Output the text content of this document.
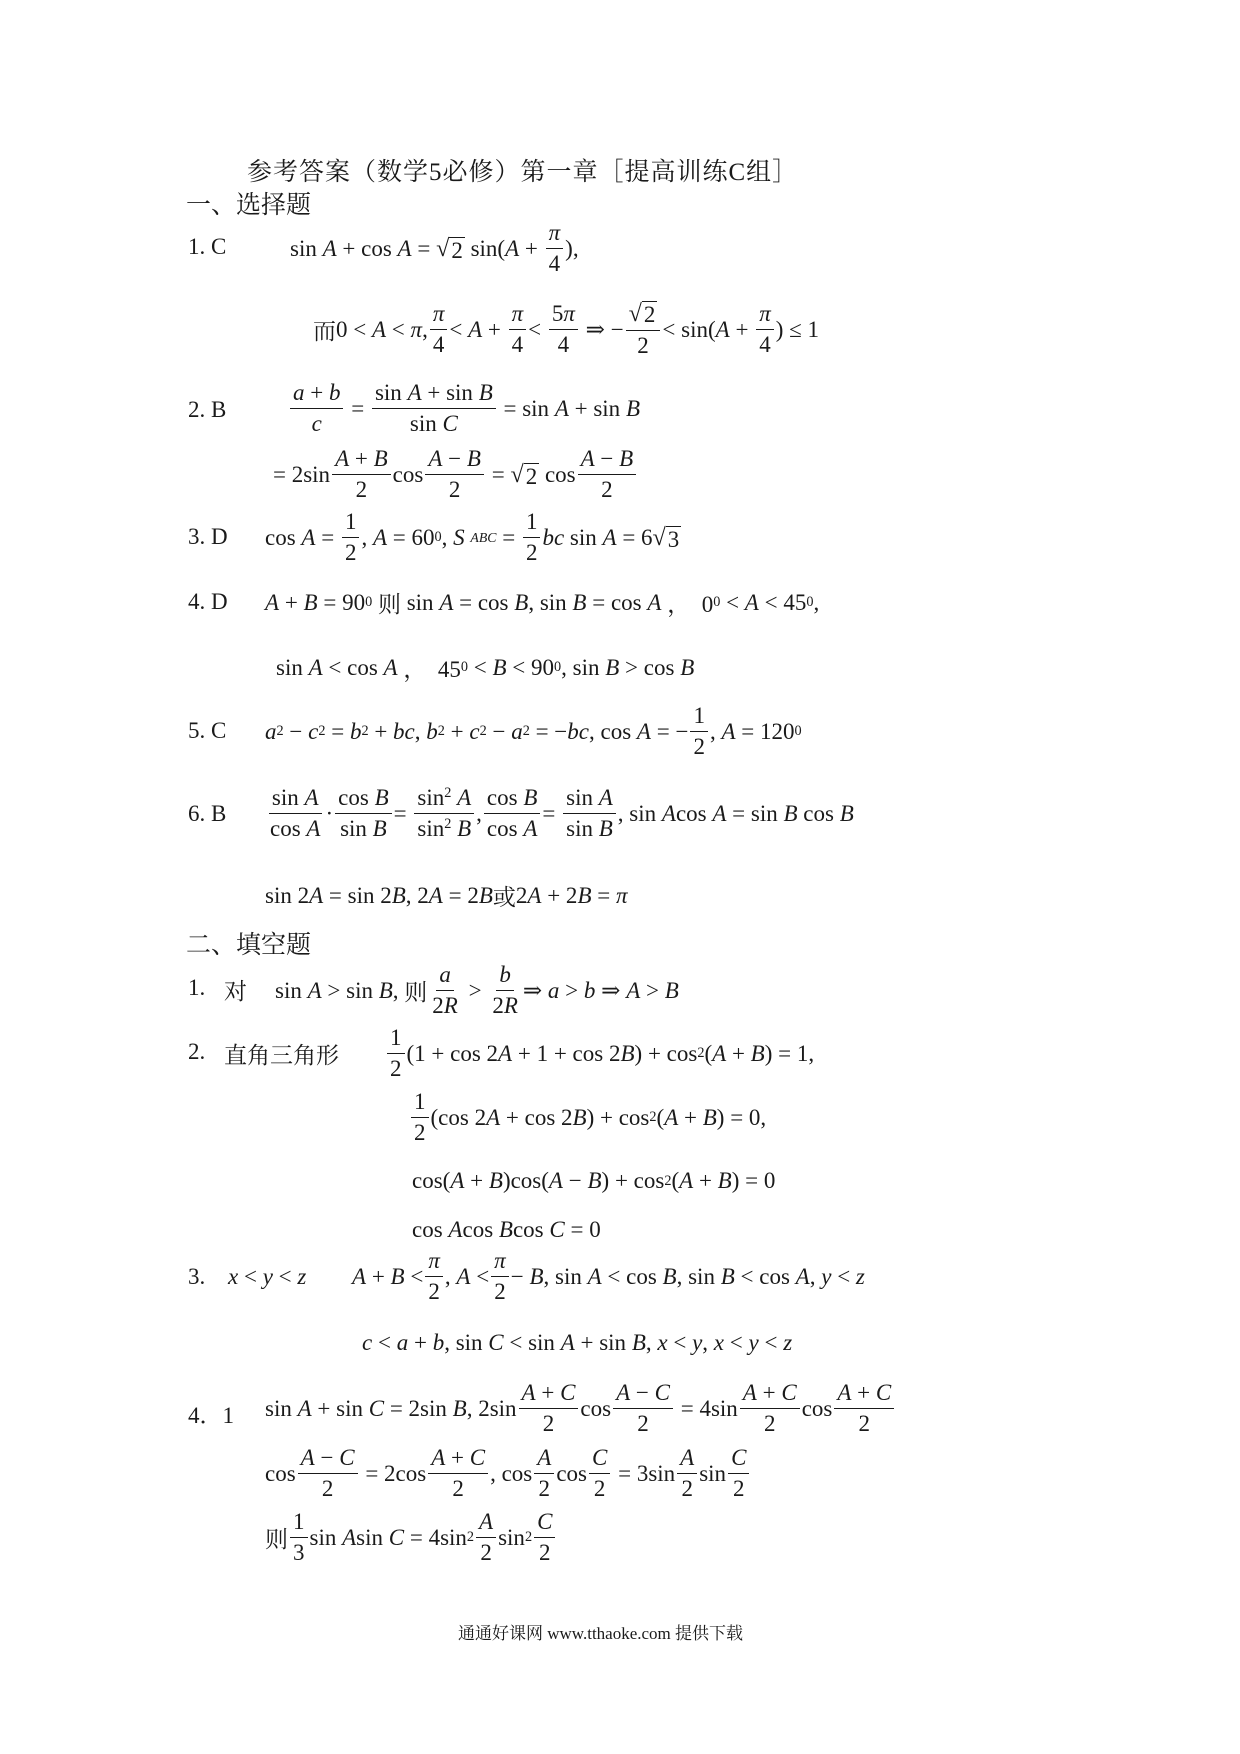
参考答案（数学5必修）第一章［提高训练C组］
一、选择题
1. C	sin A + cos A = √ 2 sin( $A + \frac{\pi}{4}$ ),
而 0 < A < π , $\frac{\pi}{4} < A + \frac{\pi}{4} < \frac{5\pi}{4}$ ⇒ − $\frac{√ 2}{2} < \sin$( $A + \frac{\pi}{4}$ ) ≤ 1
2. B	$\frac{a + b}{c} = \frac{\text{sin A + sin B}}{\text{sin C}} = \sin A + \sin B$
= $2\sin \frac{A + B}{2}$ $\cos \frac{A - B}{2}$ = √ 2 $\cos \frac{A - B}{2}$
3. D $\cos A = \frac{1}{2}$ , A = 60 0 , S
ABC = $\frac{1}{2}$ bc sin A = 6 √ 3
4. D A + B = 90 0
则 sin A = cos B , sin B = cos A ，  0 0 < A < 45 0 ,
sin A < cos A ，  45 0 < B < 90 0 , sin B > cos B
5. C a 2 − c 2 = b 2 + bc , b 2 + c 2 − a 2 = − bc , cos A = − $\frac{1}{2}$ , A = 120 0
6. B $\frac{\text{sin A}}{\text{cos A}} \cdot \frac{\text{cos B}}{\text{sin B}} = \frac{\sin^2 A}{\sin^2 B}$ , $\frac{\text{cos B}}{\text{cos A}} = \frac{\text{sin A}}{\text{sin B}}$ , sin A cos A = sin B cos B
sin 2 A = sin 2 B , 2 A = 2 B 或 2 A + 2 B = π
二、填空题
1. 对 sin A > sin B , 则 $\frac{a}{2R} > \frac{b}{2R}$ ⇒ a > b ⇒ A > B
2. 直角三角形 $\frac{1}{2} (1 + \cos 2$ A + 1 + cos 2 B ) + cos 2 ( A + B ) = 1,
$\frac{1}{2} (\cos$ 2 A + cos 2 B ) + cos 2 ( A + B ) = 0,
cos( A + B )cos( A − B ) + cos 2 ( A + B ) = 0
cos A cos B cos C = 0
3. x < y < z $A + B < \frac{\pi}{2}$ , $A < \frac{\pi}{2} - B$ , sin A < cos B , sin B < cos A , y < z
c < a + b , sin C < sin A + sin B , x < y , x < y < z
4．1 sin A + sin C = 2sin B , $2\sin \frac{A + C}{2}$ $\cos \frac{A - C}{2} = 4\sin \frac{A + C}{2}$ $\cos \frac{A + C}{2}$
$\cos \frac{A - C}{2} = 2\cos \frac{A + C}{2}$ , $\cos \frac{A}{2}$ $\cos \frac{C}{2} = 3\sin \frac{A}{2}$ $\sin \frac{C}{2}$
则 $\frac{1}{3}$ sin A sin C = 4sin $2 \frac{A}{2}$ $\sin 2 \frac{C}{2}$
通通好课网 www.tthaoke.com 提供下载
